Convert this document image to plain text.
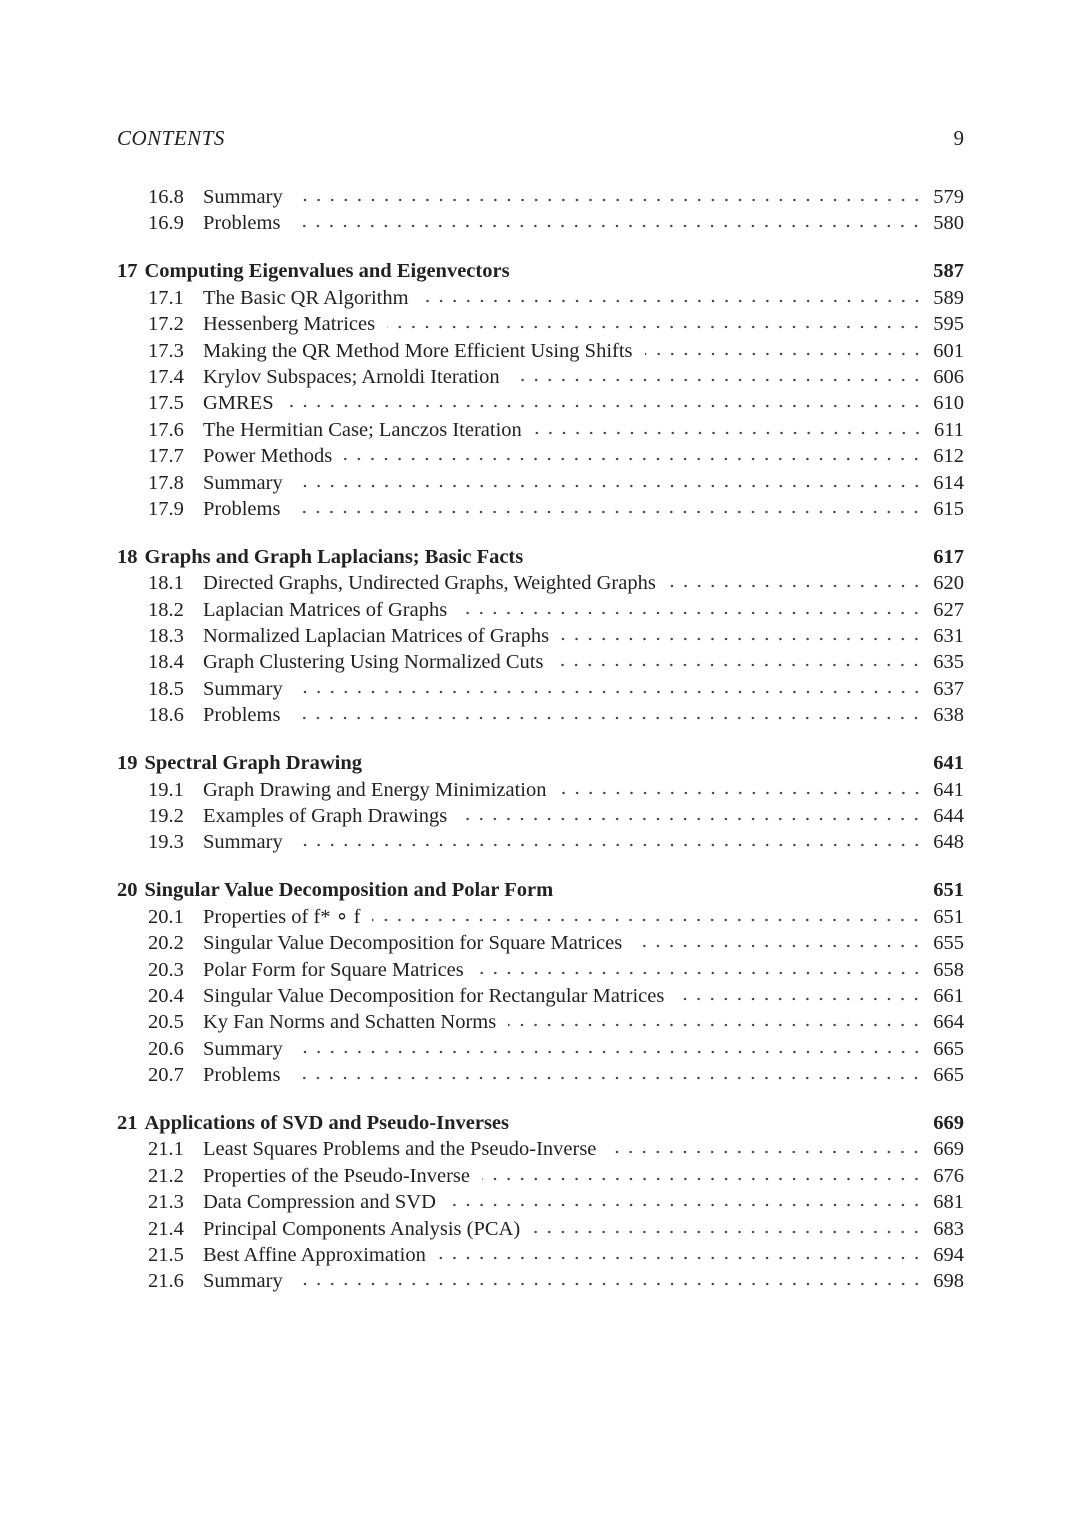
CONTENTS	9
16.8 Summary	579
16.9 Problems	580
17 Computing Eigenvalues and Eigenvectors	587
17.1 The Basic QR Algorithm	589
17.2 Hessenberg Matrices	595
17.3 Making the QR Method More Efficient Using Shifts	601
17.4 Krylov Subspaces; Arnoldi Iteration	606
17.5 GMRES	610
17.6 The Hermitian Case; Lanczos Iteration	611
17.7 Power Methods	612
17.8 Summary	614
17.9 Problems	615
18 Graphs and Graph Laplacians; Basic Facts	617
18.1 Directed Graphs, Undirected Graphs, Weighted Graphs	620
18.2 Laplacian Matrices of Graphs	627
18.3 Normalized Laplacian Matrices of Graphs	631
18.4 Graph Clustering Using Normalized Cuts	635
18.5 Summary	637
18.6 Problems	638
19 Spectral Graph Drawing	641
19.1 Graph Drawing and Energy Minimization	641
19.2 Examples of Graph Drawings	644
19.3 Summary	648
20 Singular Value Decomposition and Polar Form	651
20.1 Properties of f* ∘ f	651
20.2 Singular Value Decomposition for Square Matrices	655
20.3 Polar Form for Square Matrices	658
20.4 Singular Value Decomposition for Rectangular Matrices	661
20.5 Ky Fan Norms and Schatten Norms	664
20.6 Summary	665
20.7 Problems	665
21 Applications of SVD and Pseudo-Inverses	669
21.1 Least Squares Problems and the Pseudo-Inverse	669
21.2 Properties of the Pseudo-Inverse	676
21.3 Data Compression and SVD	681
21.4 Principal Components Analysis (PCA)	683
21.5 Best Affine Approximation	694
21.6 Summary	698
